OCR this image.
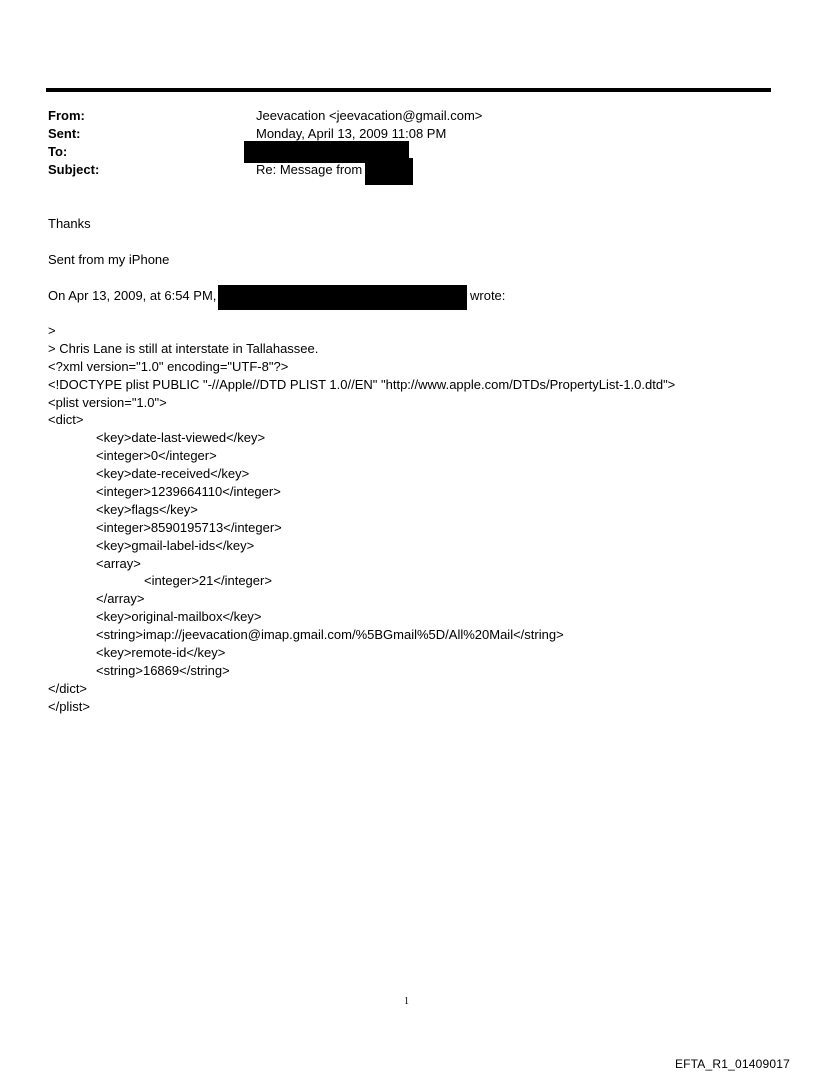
From:	Jeevacation <jeevacation@gmail.com>
Sent:	Monday, April 13, 2009 11:08 PM
To:
Subject:	Re: Message from
Thanks
Sent from my iPhone
On Apr 13, 2009, at 6:54 PM,	wrote:
>
> Chris Lane is still at interstate in Tallahassee.
<?xml version="1.0" encoding="UTF-8"?>
<!DOCTYPE plist PUBLIC "-//Apple//DTD PLIST 1.0//EN" "http://www.apple.com/DTDs/PropertyList-1.0.dtd">
<plist version="1.0">
<dict>
<key>date-last-viewed</key>
<integer>0</integer>
<key>date-received</key>
<integer>1239664110</integer>
<key>flags</key>
<integer>8590195713</integer>
<key>gmail-label-ids</key>
<array>
<integer>21</integer>
</array>
<key>original-mailbox</key>
<string>imap://jeevacation@imap.gmail.com/%5BGmail%5D/All%20Mail</string>
<key>remote-id</key>
<string>16869</string>
</dict>
</plist>
1
EFTA_R1_01409017
